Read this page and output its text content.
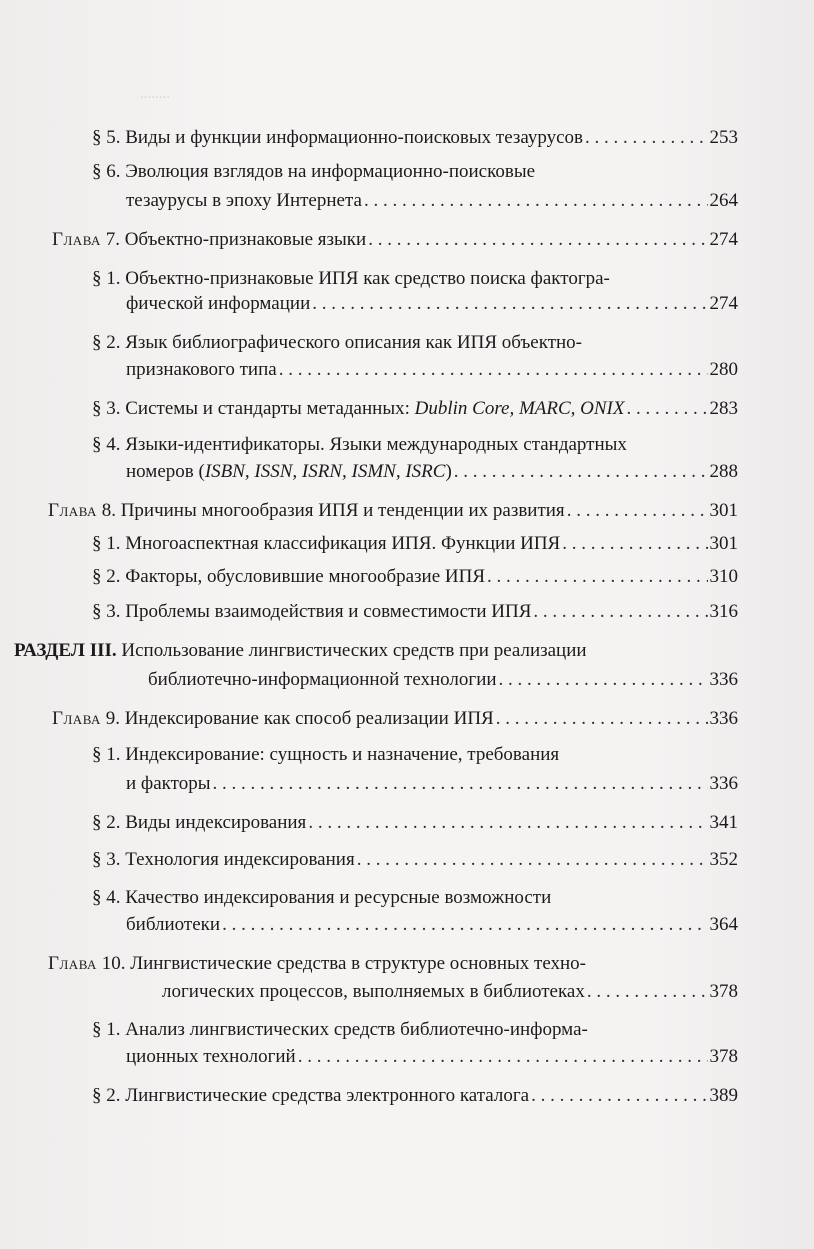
........
§ 5. Виды и функции информационно-поисковых тезаурусов . . .	253
§ 6. Эволюция взглядов на информационно-поисковые
тезаурусы в эпоху Интернета . . .	264
Глава 7. Объектно-признаковые языки . . .	274
§ 1. Объектно-признаковые ИПЯ как средство поиска фактогра-
фической информации . . .	274
§ 2. Язык библиографического описания как ИПЯ объектно-
признакового типа . . .	280
§ 3. Системы и стандарты метаданных: Dublin Core, MARC, ONIX . . .	283
§ 4. Языки-идентификаторы. Языки международных стандартных
номеров (ISBN, ISSN, ISRN, ISMN, ISRC) . . .	288
Глава 8. Причины многообразия ИПЯ и тенденции их развития . . .	301
§ 1. Многоаспектная классификация ИПЯ. Функции ИПЯ . . .	301
§ 2. Факторы, обусловившие многообразие ИПЯ . . .	310
§ 3. Проблемы взаимодействия и совместимости ИПЯ . . .	316
РАЗДЕЛ III. Использование лингвистических средств при реализации
библиотечно-информационной технологии . . .	336
Глава 9. Индексирование как способ реализации ИПЯ . . .	336
§ 1. Индексирование: сущность и назначение, требования
и факторы . . .	336
§ 2. Виды индексирования . . .	341
§ 3. Технология индексирования . . .	352
§ 4. Качество индексирования и ресурсные возможности
библиотеки . . .	364
Глава 10. Лингвистические средства в структуре основных техно-
логических процессов, выполняемых в библиотеках . . .	378
§ 1. Анализ лингвистических средств библиотечно-информа-
ционных технологий . . .	378
§ 2. Лингвистические средства электронного каталога . . .	389
